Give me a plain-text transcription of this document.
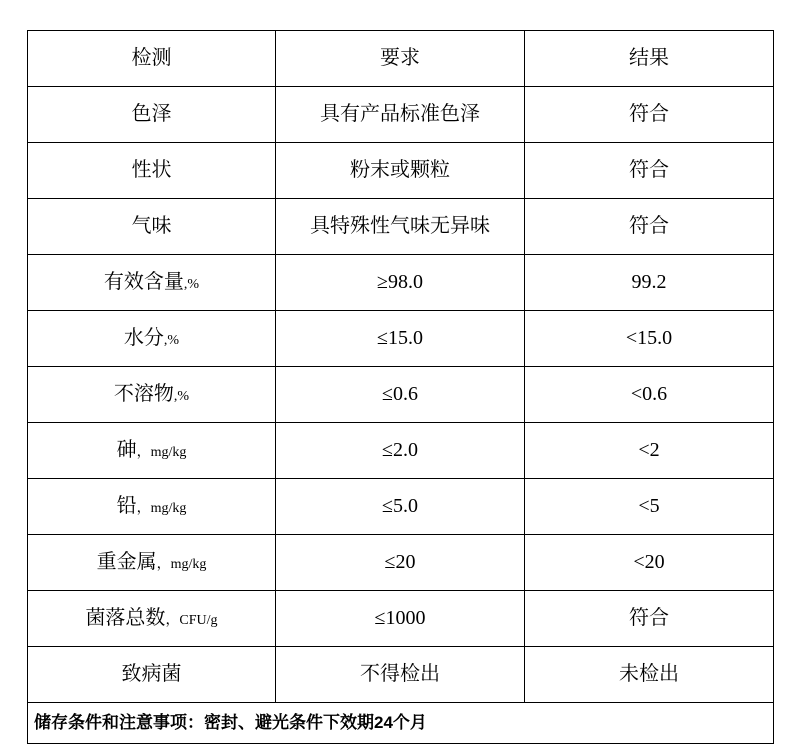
检测	要求	结果

色泽	具有产品标准色泽	符合

性状	粉末或颗粒	符合

气味	具特殊性气味无异味	符合

有效含量,%	≥98.0	99.2

水分,%	≤15.0	<15.0

不溶物,%	≤0.6	<0.6

砷，mg/kg	≤2.0	<2

铅，mg/kg	≤5.0	<5

重金属，mg/kg	≤20	<20

菌落总数，CFU/g	≤1000	符合

致病菌	不得检出	未检出
储存条件和注意事项：密封、避光条件下效期24个月		
